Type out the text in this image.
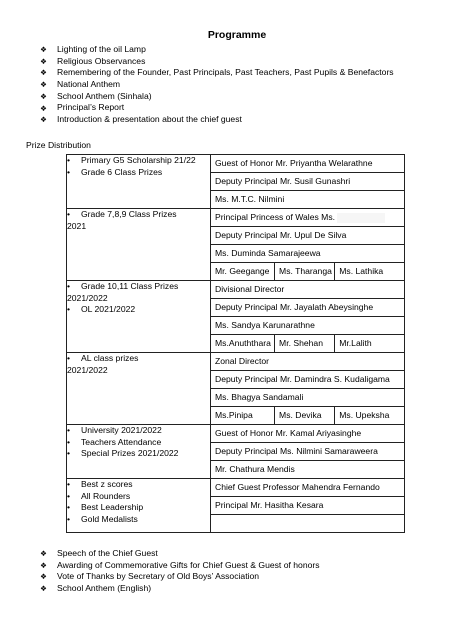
Programme
❖ Lighting of the oil Lamp
❖ Religious Observances
❖ Remembering of the Founder, Past Principals, Past Teachers, Past Pupils & Benefactors
❖ National Anthem
❖ School Anthem (Sinhala)
❖ Principal’s Report
❖ Introduction & presentation about the chief guest
Prize Distribution
• Primary G5 Scholarship 21/22
• Grade 6 Class Prizes

Guest of Honor Mr. Priyantha Welarathne

Deputy Principal Mr. Susil Gunashri

Ms. M.T.C. Nilmini

• Grade 7,8,9 Class Prizes
2021

Principal Princess of Wales Ms.

Deputy Principal Mr. Upul De Silva

Ms. Duminda Samarajeewa

Mr. Geegange	Ms. Tharanga	Ms. Lathika

• Grade 10,11 Class Prizes
2021/2022
• OL 2021/2022

Divisional Director

Deputy Principal Mr. Jayalath Abeysinghe

Ms. Sandya Karunarathne

Ms.Anuththara	Mr. Shehan	Mr.Lalith

• AL class prizes
2021/2022

Zonal Director

Deputy Principal Mr. Damindra S. Kudaligama

Ms. Bhagya Sandamali

Ms.Pinipa	Ms. Devika	Ms. Upeksha

• University 2021/2022
• Teachers Attendance
• Special Prizes 2021/2022

Guest of Honor Mr. Kamal Ariyasinghe

Deputy Principal Ms. Nilmini Samaraweera

Mr. Chathura Mendis

• Best z scores
• All Rounders
• Best Leadership
• Gold Medalists

Chief Guest Professor Mahendra Fernando

Principal Mr. Hasitha Kesara

❖ Speech of the Chief Guest
❖ Awarding of Commemorative Gifts for Chief Guest & Guest of honors
❖ Vote of Thanks by Secretary of Old Boys’ Association
❖ School Anthem (English)
